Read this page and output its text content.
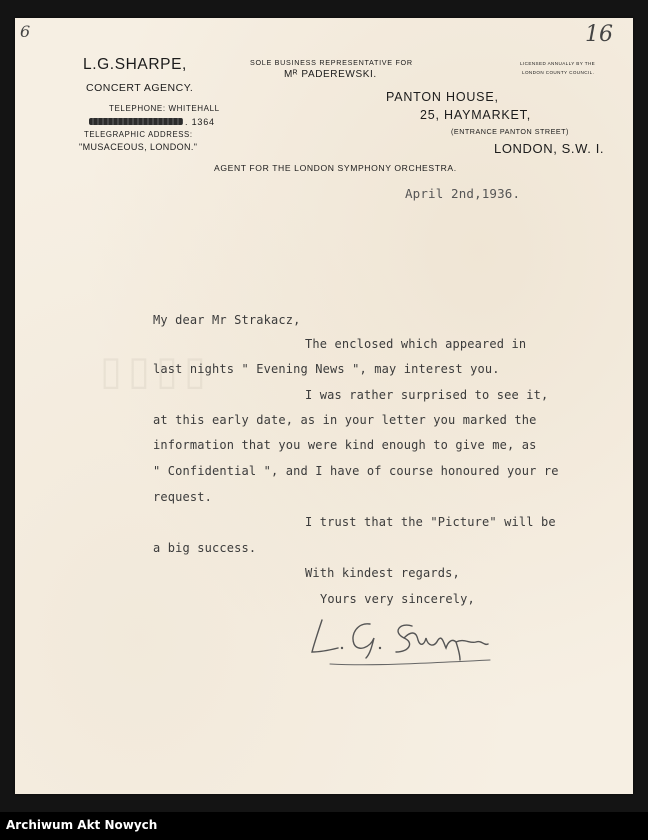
▯▯▯▯
6	16
L.G.SHARPE,
CONCERT AGENCY.
TELEPHONE: WHITEHALL
. 1364
TELEGRAPHIC ADDRESS:
"MUSACEOUS, LONDON."
SOLE BUSINESS REPRESENTATIVE FOR
Mᴿ PADEREWSKI.
LICENSED ANNUALLY BY THE
LONDON COUNTY COUNCIL.
PANTON HOUSE,
25, HAYMARKET,
(ENTRANCE PANTON STREET)
LONDON, S.W. I.
AGENT FOR THE LONDON SYMPHONY ORCHESTRA.
April 2nd,1936.
My dear Mr Strakacz,
The enclosed which appeared in
last nights " Evening News ", may interest you.
I was rather surprised to see it,
at this early date, as in your letter you marked the
information that you were kind enough to give me, as
" Confidential ", and I have of course honoured your re
request.
I trust that the "Picture" will be
a big success.
With kindest regards,
Yours very sincerely,
Archiwum Akt Nowych
